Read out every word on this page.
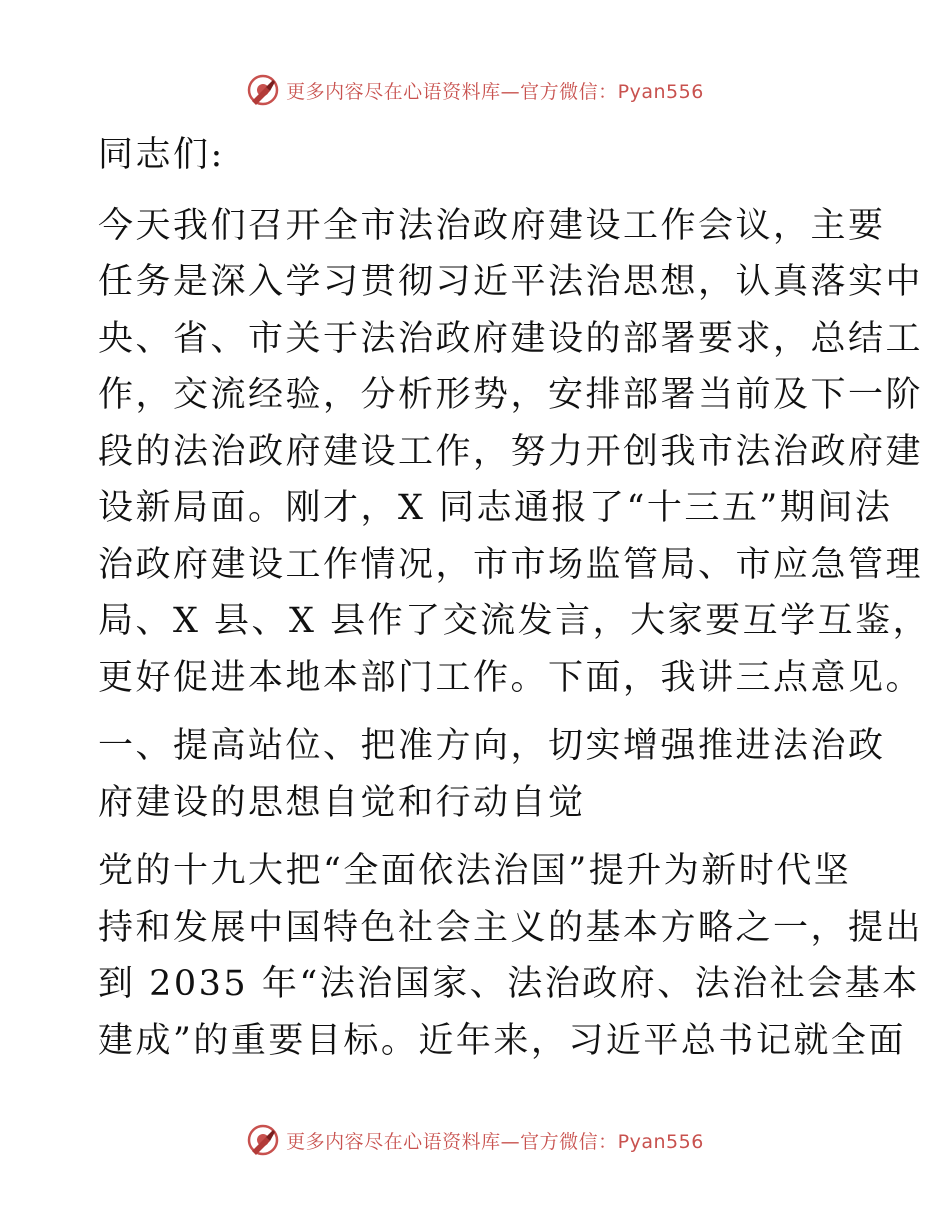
更多内容尽在心语资料库—官方微信：Pyan556

同志们:

今天我们召开全市法治政府建设工作会议，主要
任务是深入学习贯彻习近平法治思想，认真落实中
央、省、市关于法治政府建设的部署要求，总结工
作，交流经验，分析形势，安排部署当前及下一阶
段的法治政府建设工作，努力开创我市法治政府建
设新局面。刚才，X 同志通报了“十三五”期间法
治政府建设工作情况，市市场监管局、市应急管理
局、X 县、X 县作了交流发言，大家要互学互鉴，
更好促进本地本部门工作。下面，我讲三点意见。

一、提高站位、把准方向，切实增强推进法治政
府建设的思想自觉和行动自觉

党的十九大把“全面依法治国”提升为新时代坚
持和发展中国特色社会主义的基本方略之一，提出
到 2035 年“法治国家、法治政府、法治社会基本
建成”的重要目标。近年来，习近平总书记就全面

更多内容尽在心语资料库—官方微信：Pyan556
